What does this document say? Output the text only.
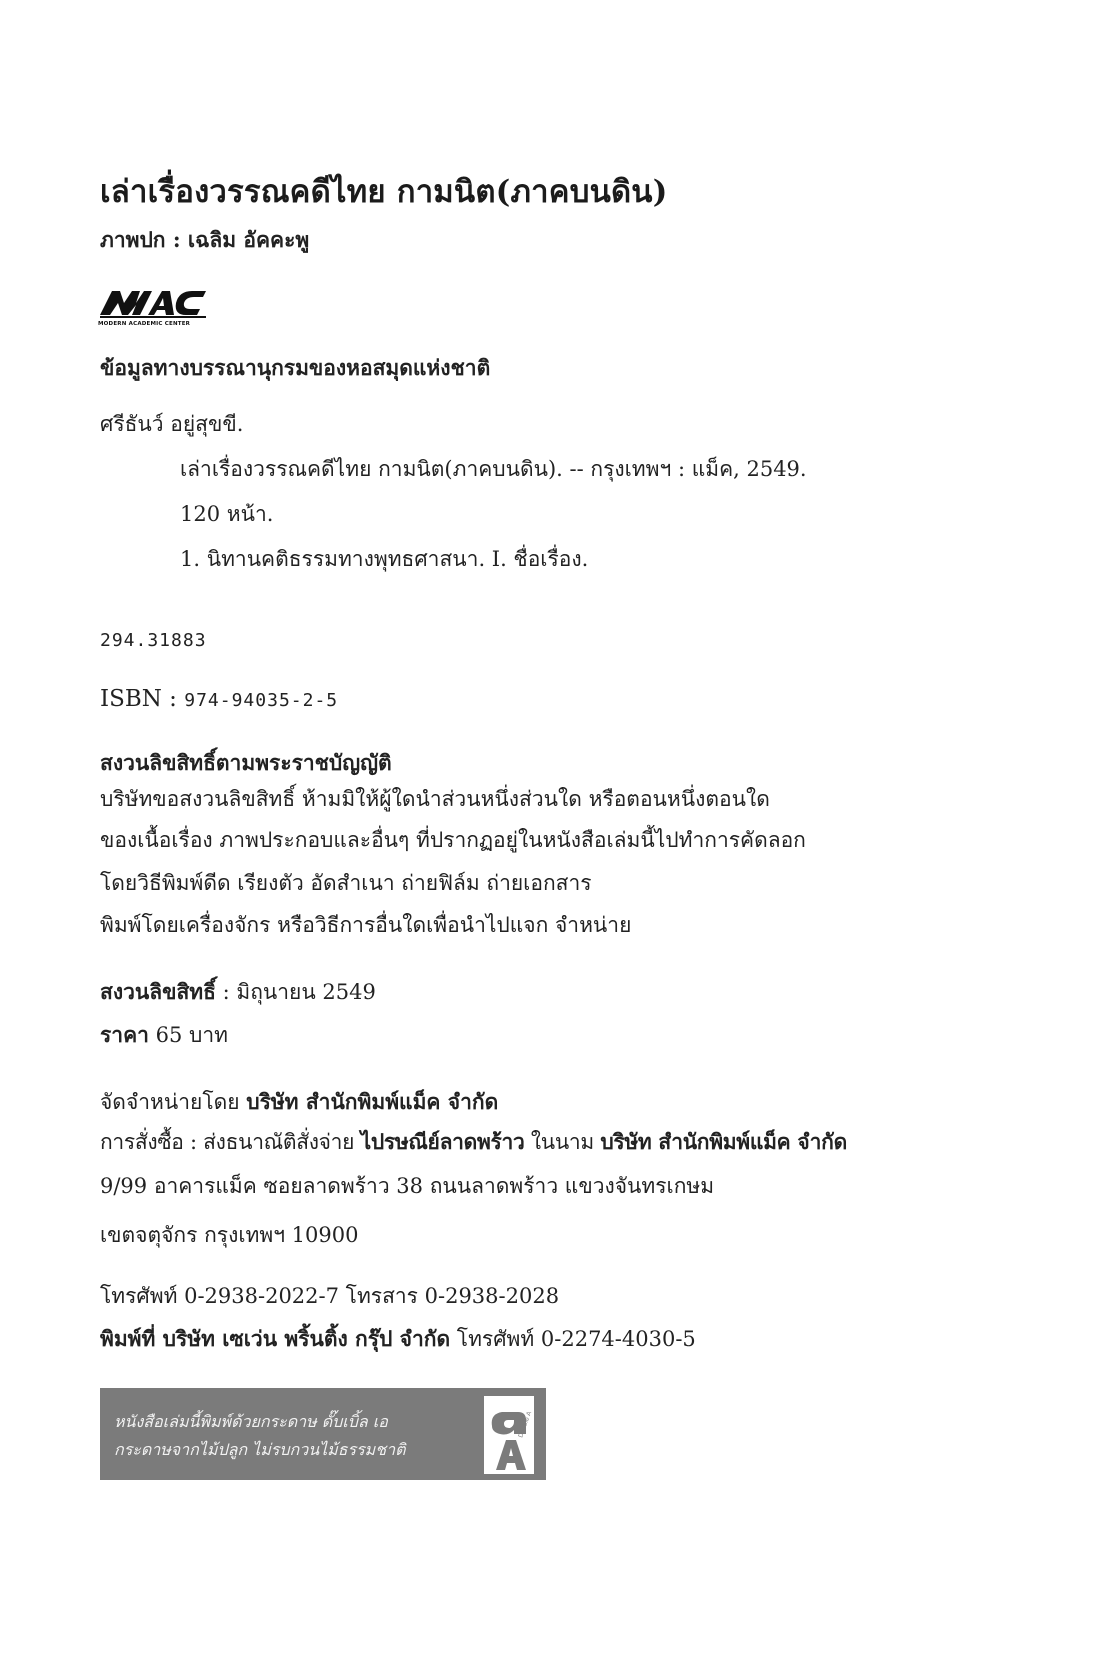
เล่าเรื่องวรรณคดีไทย กามนิต(ภาคบนดิน)
ภาพปก : เฉลิม อัคคะพู
MODERN ACADEMIC CENTER
ข้อมูลทางบรรณานุกรมของหอสมุดแห่งชาติ
ศรีธันว์ อยู่สุขขี.
เล่าเรื่องวรรณคดีไทย กามนิต(ภาคบนดิน). -- กรุงเทพฯ : แม็ค, 2549.
120 หน้า.
1. นิทานคติธรรมทางพุทธศาสนา. I. ชื่อเรื่อง.
294.31883
ISBN : 974-94035-2-5
สงวนลิขสิทธิ์ตามพระราชบัญญัติ
บริษัทขอสงวนลิขสิทธิ์ ห้ามมิให้ผู้ใดนำส่วนหนึ่งส่วนใด หรือตอนหนึ่งตอนใด
ของเนื้อเรื่อง ภาพประกอบและอื่นๆ ที่ปรากฏอยู่ในหนังสือเล่มนี้ไปทำการคัดลอก
โดยวิธีพิมพ์ดีด เรียงตัว อัดสำเนา ถ่ายฟิล์ม ถ่ายเอกสาร
พิมพ์โดยเครื่องจักร หรือวิธีการอื่นใดเพื่อนำไปแจก จำหน่าย
สงวนลิขสิทธิ์ : มิถุนายน 2549
ราคา 65 บาท
จัดจำหน่ายโดย บริษัท สำนักพิมพ์แม็ค จำกัด
การสั่งซื้อ : ส่งธนาณัติสั่งจ่าย ไปรษณีย์ลาดพร้าว ในนาม บริษัท สำนักพิมพ์แม็ค จำกัด
9/99 อาคารแม็ค ซอยลาดพร้าว 38 ถนนลาดพร้าว แขวงจันทรเกษม
เขตจตุจักร กรุงเทพฯ 10900
โทรศัพท์ 0-2938-2022-7 โทรสาร 0-2938-2028
พิมพ์ที่ บริษัท เซเว่น พริ้นติ้ง กรุ๊ป จำกัด โทรศัพท์ 0-2274-4030-5
หนังสือเล่มนี้พิมพ์ด้วยกระดาษ ดั๊บเบิ้ล เอ
กระดาษจากไม้ปลูก ไม่รบกวนไม้ธรรมชาติ
Double A
